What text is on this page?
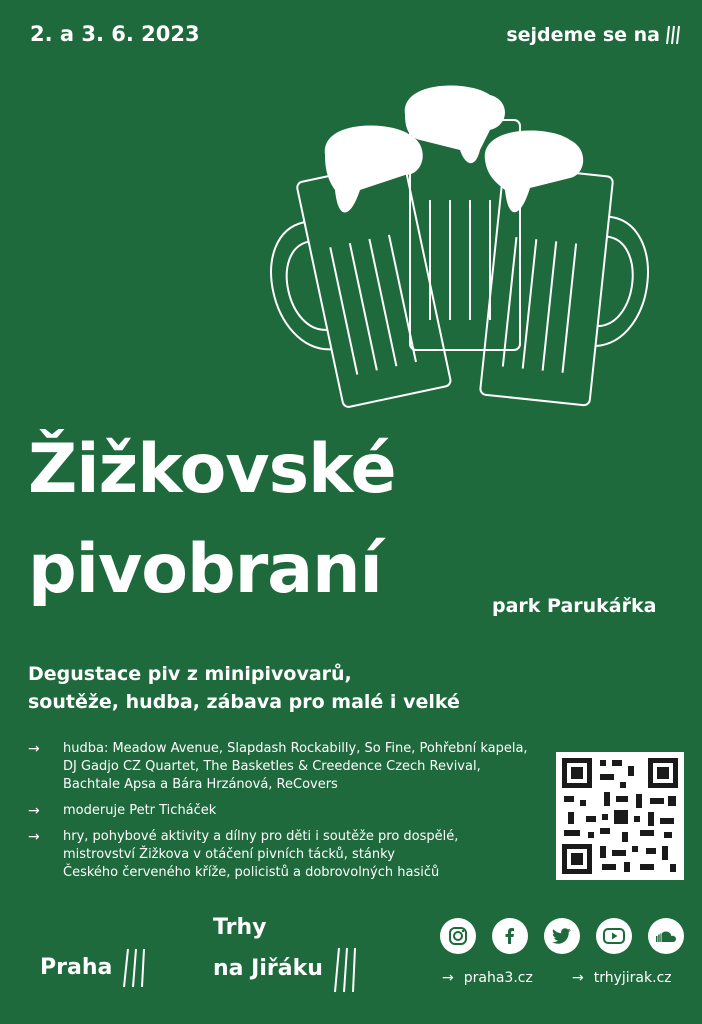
2. a 3. 6. 2023	sejdeme se na
Žižkovské
pivobraní	park Parukářka
Degustace piv z minipivovarů,
soutěže, hudba, zábava pro malé i velké
→	hudba: Meadow Avenue, Slapdash Rockabilly, So Fine, Pohřební kapela,
DJ Gadjo CZ Quartet, The Basketles & Creedence Czech Revival,
Bachtale Apsa a Bára Hrzánová, ReCovers
→	moderuje Petr Ticháček
→	hry, pohybové aktivity a dílny pro děti i soutěže pro dospělé,
mistrovství Žižkova v otáčení pivních tácků, stánky
Českého červeného kříže, policistů a dobrovolných hasičů
Praha
Trhy
na Jiřáku	→ praha3.cz	→ trhyjirak.cz
